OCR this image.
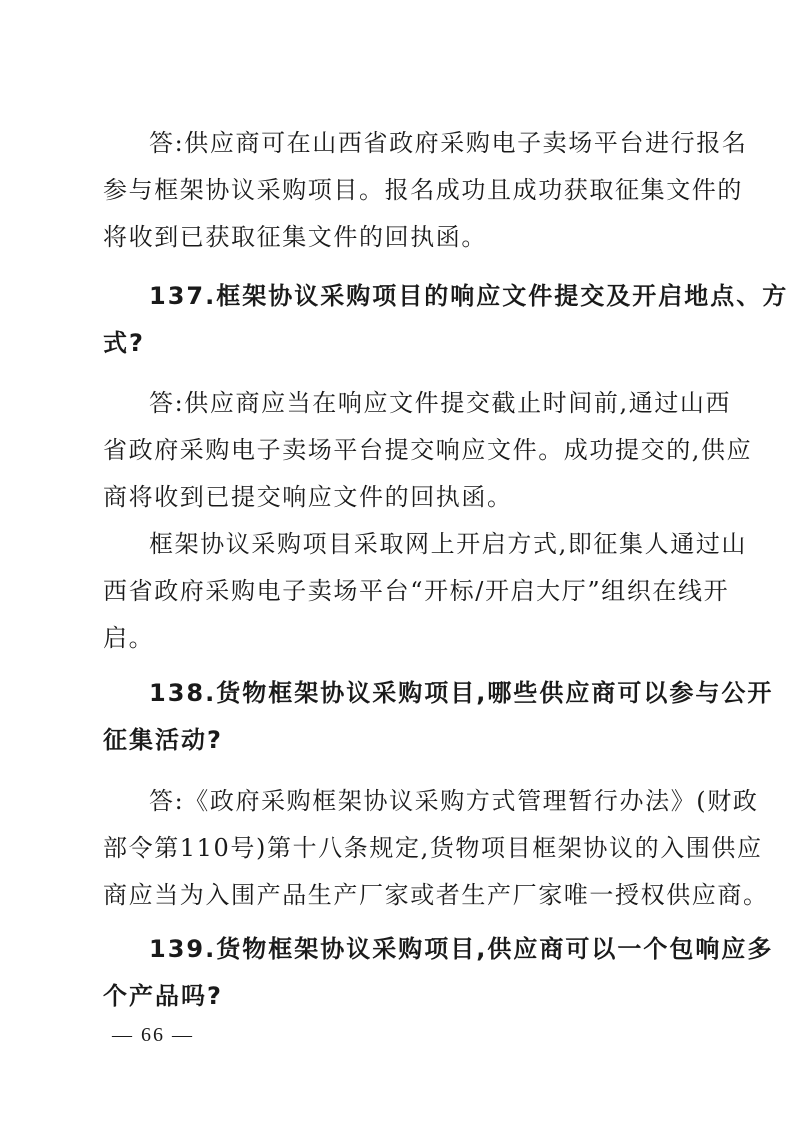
答:供应商可在山西省政府采购电子卖场平台进行报名
参与框架协议采购项目。报名成功且成功获取征集文件的
将收到已获取征集文件的回执函。
137.框架协议采购项目的响应文件提交及开启地点、方
式?
答:供应商应当在响应文件提交截止时间前,通过山西
省政府采购电子卖场平台提交响应文件。成功提交的,供应
商将收到已提交响应文件的回执函。
框架协议采购项目采取网上开启方式,即征集人通过山
西省政府采购电子卖场平台“开标/开启大厅”组织在线开
启。
138.货物框架协议采购项目,哪些供应商可以参与公开
征集活动?
答:《政府采购框架协议采购方式管理暂行办法》(财政
部令第110号)第十八条规定,货物项目框架协议的入围供应
商应当为入围产品生产厂家或者生产厂家唯一授权供应商。
139.货物框架协议采购项目,供应商可以一个包响应多
个产品吗?
— 66 —
